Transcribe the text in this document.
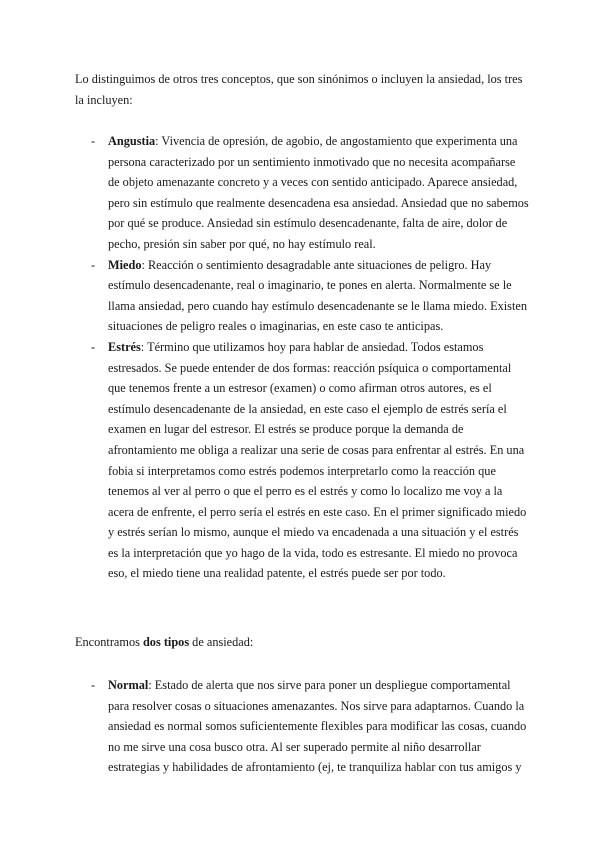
Lo distinguimos de otros tres conceptos, que son sinónimos o incluyen la ansiedad, los tres la incluyen:

- Angustia: Vivencia de opresión, de agobio, de angostamiento que experimenta una persona caracterizado por un sentimiento inmotivado que no necesita acompañarse de objeto amenazante concreto y a veces con sentido anticipado. Aparece ansiedad, pero sin estímulo que realmente desencadena esa ansiedad. Ansiedad que no sabemos por qué se produce. Ansiedad sin estímulo desencadenante, falta de aire, dolor de pecho, presión sin saber por qué, no hay estímulo real.
- Miedo: Reacción o sentimiento desagradable ante situaciones de peligro. Hay estímulo desencadenante, real o imaginario, te pones en alerta. Normalmente se le llama ansiedad, pero cuando hay estímulo desencadenante se le llama miedo. Existen situaciones de peligro reales o imaginarias, en este caso te anticipas.
- Estrés: Término que utilizamos hoy para hablar de ansiedad. Todos estamos estresados. Se puede entender de dos formas: reacción psíquica o comportamental que tenemos frente a un estresor (examen) o como afirman otros autores, es el estímulo desencadenante de la ansiedad, en este caso el ejemplo de estrés sería el examen en lugar del estresor. El estrés se produce porque la demanda de afrontamiento me obliga a realizar una serie de cosas para enfrentar al estrés. En una fobia si interpretamos como estrés podemos interpretarlo como la reacción que tenemos al ver al perro o que el perro es el estrés y como lo localizo me voy a la acera de enfrente, el perro sería el estrés en este caso. En el primer significado miedo y estrés serían lo mismo, aunque el miedo va encadenada a una situación y el estrés es la interpretación que yo hago de la vida, todo es estresante. El miedo no provoca eso, el miedo tiene una realidad patente, el estrés puede ser por todo.

Encontramos dos tipos de ansiedad:

- Normal: Estado de alerta que nos sirve para poner un despliegue comportamental para resolver cosas o situaciones amenazantes. Nos sirve para adaptarnos. Cuando la ansiedad es normal somos suficientemente flexibles para modificar las cosas, cuando no me sirve una cosa busco otra. Al ser superado permite al niño desarrollar estrategias y habilidades de afrontamiento (ej, te tranquiliza hablar con tus amigos y
